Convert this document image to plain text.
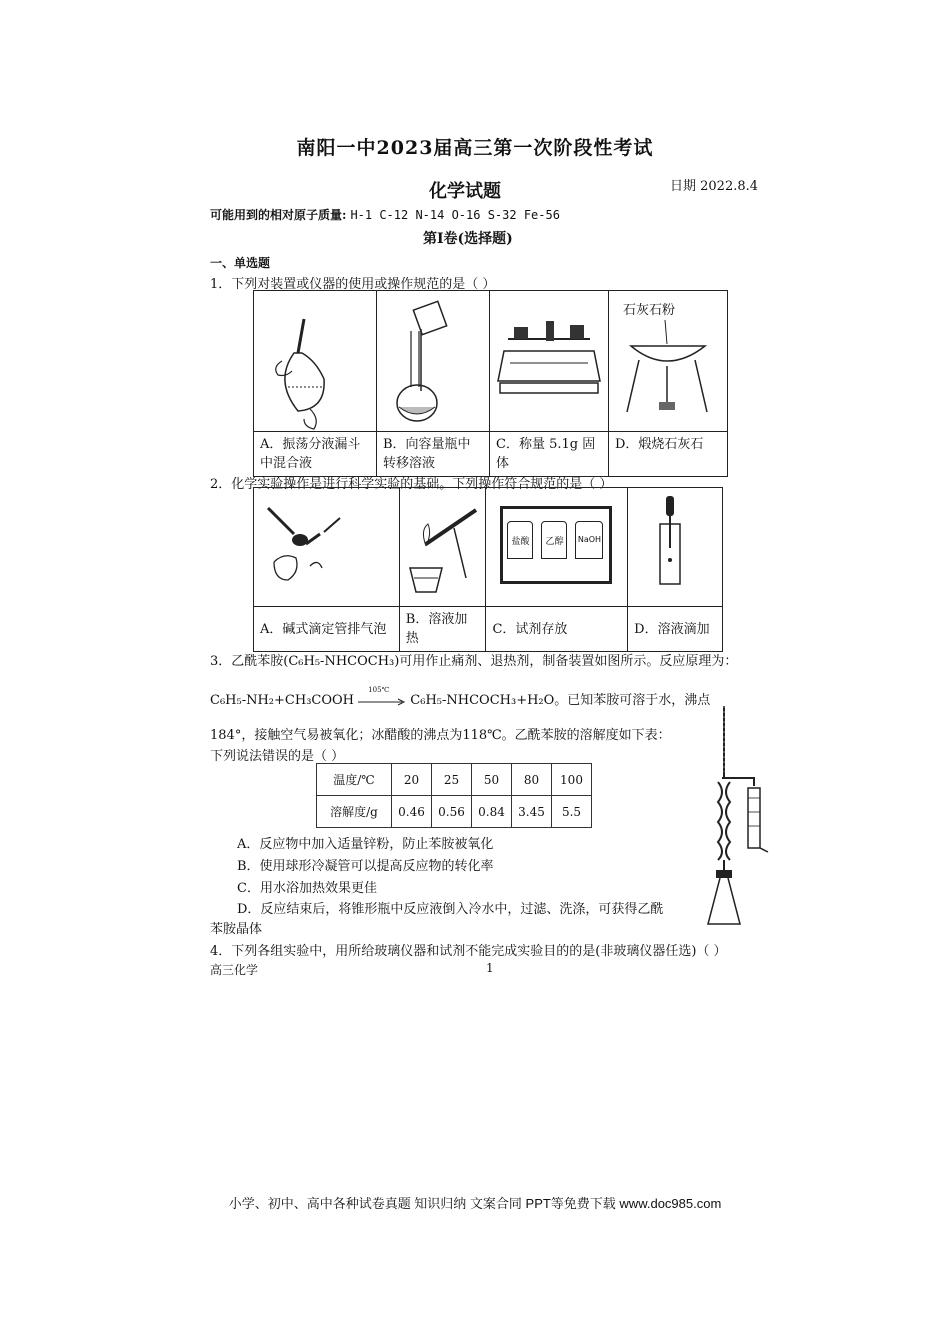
南阳一中2023届高三第一次阶段性考试
化学试题	日期 2022.8.4
可能用到的相对原子质量: H-1 C-12 N-14 O-16 S-32 Fe-56
第Ⅰ卷(选择题)
一、单选题
1．下列对装置或仪器的使用或操作规范的是（ ）

石灰石粉

A．振荡分液漏斗中混合液	B．向容量瓶中转移溶液	C．称量 5.1g 固体	D．煅烧石灰石
2．化学实验操作是进行科学实验的基础。下列操作符合规范的是（ ）

盐酸 乙醇 NaOH

A．碱式滴定管排气泡	B．溶液加热	C．试剂存放	D．溶液滴加
3．乙酰苯胺(C₆H₅-NHCOCH₃)可用作止痛剂、退热剂，制备装置如图所示。反应原理为：
C₆H₅-NH₂+CH₃COOH
105℃
C₆H₅-NHCOCH₃+H₂O。已知苯胺可溶于水，沸点
184°，接触空气易被氧化；冰醋酸的沸点为118℃。乙酰苯胺的溶解度如下表：
下列说法错误的是（ ）
温度/℃	20	25	50	80	100
溶解度/g	0.46	0.56	0.84	3.45	5.5
A．反应物中加入适量锌粉，防止苯胺被氧化
B．使用球形冷凝管可以提高反应物的转化率
C．用水浴加热效果更佳
D．反应结束后，将锥形瓶中反应液倒入冷水中，过滤、洗涤，可获得乙酰
苯胺晶体
4．下列各组实验中，用所给玻璃仪器和试剂不能完成实验目的的是(非玻璃仪器任选)（ ）
高三化学	1
小学、初中、高中各种试卷真题 知识归纳 文案合同 PPT等免费下载 www.doc985.com
